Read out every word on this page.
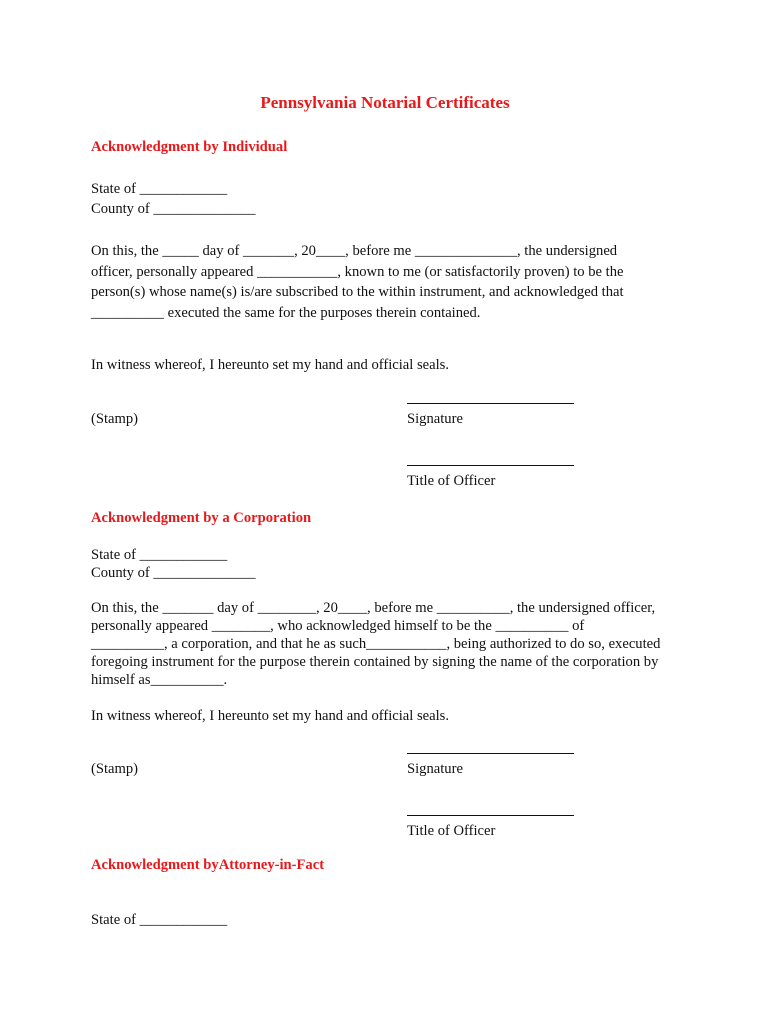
Pennsylvania Notarial Certificates
Acknowledgment by Individual
State of ____________
County of ______________
On this, the _____ day of _______, 20____, before me ______________, the undersigned
officer, personally appeared ___________, known to me (or satisfactorily proven) to be the
person(s) whose name(s) is/are subscribed to the within instrument, and acknowledged that
__________ executed the same for the purposes therein contained.
In witness whereof, I hereunto set my hand and official seals.
(Stamp)	Signature
Title of Officer
Acknowledgment by a Corporation
State of ____________
County of ______________
On this, the _______ day of ________, 20____, before me __________, the undersigned officer,
personally appeared ________, who acknowledged himself to be the __________ of
__________, a corporation, and that he as such___________, being authorized to do so, executed
foregoing instrument for the purpose therein contained by signing the name of the corporation by
himself as__________.
In witness whereof, I hereunto set my hand and official seals.
(Stamp)	Signature
Title of Officer
Acknowledgment byAttorney-in-Fact
State of ____________
